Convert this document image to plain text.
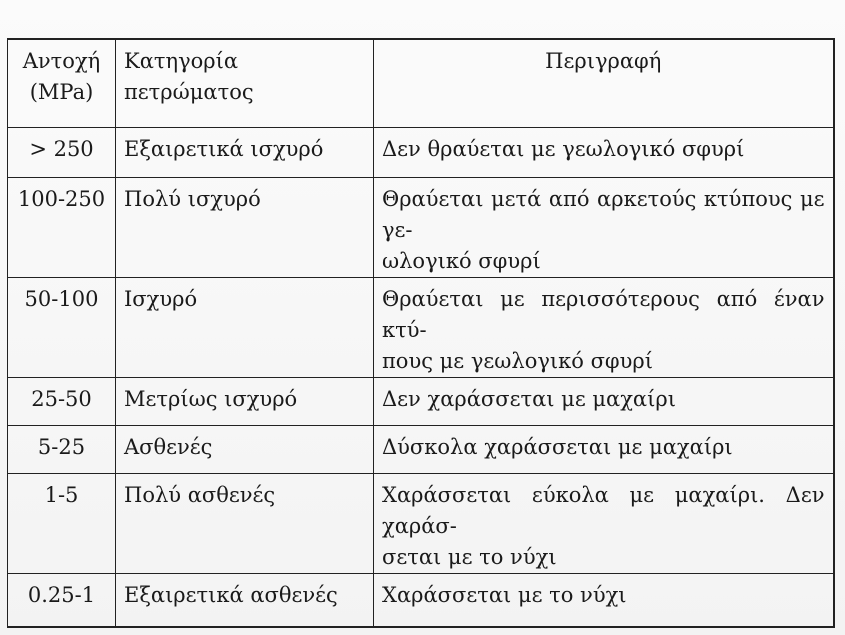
Αντοχή
(MPa)	Κατηγορία πετρώματος	Περιγραφή
> 250	Εξαιρετικά ισχυρό	Δεν θραύεται με γεωλογικό σφυρί

100-250	Πολύ ισχυρό	Θραύεται μετά από αρκετούς κτύπους με γε-
ωλογικό σφυρί

50-100	Ισχυρό	Θραύεται με περισσότερους από έναν κτύ-
πους με γεωλογικό σφυρί

25-50	Μετρίως ισχυρό	Δεν χαράσσεται με μαχαίρι

5-25	Ασθενές	Δύσκολα χαράσσεται με μαχαίρι

1-5	Πολύ ασθενές	Χαράσσεται εύκολα με μαχαίρι. Δεν χαράσ-
σεται με το νύχι

0.25-1	Εξαιρετικά ασθενές	Χαράσσεται με το νύχι
